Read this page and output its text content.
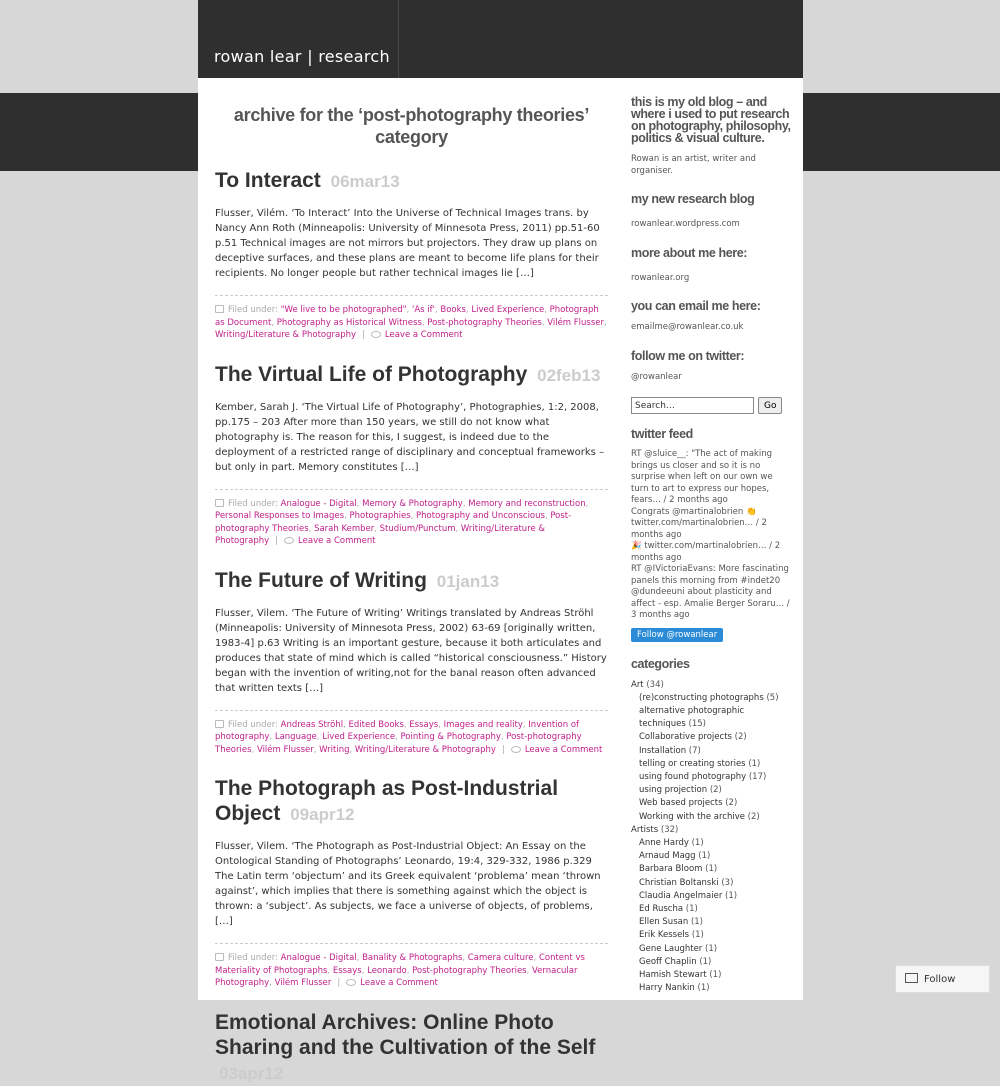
rowan lear | research
archive for the ‘post-photography theories’ category
To Interact 06mar13
Flusser, Vilém. ‘To Interact’ Into the Universe of Technical Images trans. by Nancy Ann Roth (Minneapolis: University of Minnesota Press, 2011) pp.51-60 p.51 Technical images are not mirrors but projectors. They draw up plans on deceptive surfaces, and these plans are meant to become life plans for their recipients. No longer people but rather technical images lie […]
Filed under: "We live to be photographed", 'As if', Books, Lived Experience, Photograph as Document, Photography as Historical Witness, Post-photography Theories, Vilém Flusser, Writing/Literature & Photography | Leave a Comment
The Virtual Life of Photography 02feb13
Kember, Sarah J. ‘The Virtual Life of Photography’, Photographies, 1:2, 2008, pp.175 – 203 After more than 150 years, we still do not know what photography is. The reason for this, I suggest, is indeed due to the deployment of a restricted range of disciplinary and conceptual frameworks – but only in part. Memory constitutes […]
Filed under: Analogue - Digital, Memory & Photography, Memory and reconstruction, Personal Responses to Images, Photographies, Photography and Unconscious, Post-photography Theories, Sarah Kember, Studium/Punctum, Writing/Literature & Photography | Leave a Comment
The Future of Writing 01jan13
Flusser, Vilem. ‘The Future of Writing’ Writings translated by Andreas Ströhl (Minneapolis: University of Minnesota Press, 2002) 63-69 [originally written, 1983-4] p.63 Writing is an important gesture, because it both articulates and produces that state of mind which is called “historical consciousness.” History began with the invention of writing,not for the banal reason often advanced that written texts […]
Filed under: Andreas Ströhl, Edited Books, Essays, Images and reality, Invention of photography, Language, Lived Experience, Pointing & Photography, Post-photography Theories, Vilém Flusser, Writing, Writing/Literature & Photography | Leave a Comment
The Photograph as Post-Industrial Object 09apr12
Flusser, Vilem. ‘The Photograph as Post-Industrial Object: An Essay on the Ontological Standing of Photographs’ Leonardo, 19:4, 329-332, 1986 p.329 The Latin term ‘objectum’ and its Greek equivalent ‘problema’ mean ‘thrown against’, which implies that there is something against which the object is thrown: a ‘subject’. As subjects, we face a universe of objects, of problems, […]
Filed under: Analogue - Digital, Banality & Photographs, Camera culture, Content vs Materiality of Photographs, Essays, Leonardo, Post-photography Theories, Vernacular Photography, Vilém Flusser | Leave a Comment
Emotional Archives: Online Photo Sharing and the Cultivation of the Self 03apr12
this is my old blog – and where i used to put research on photography, philosophy, politics & visual culture.
Rowan is an artist, writer and organiser.
my new research blog
rowanlear.wordpress.com
more about me here:
rowanlear.org
you can email me here:
emailme@rowanlear.co.uk
follow me on twitter:
@rowanlear
Search…
Go
twitter feed
RT @sluice__: "The act of making brings us closer and so it is no surprise when left on our own we turn to art to express our hopes, fears… / 2 months ago
Congrats @martinalobrien 👏 twitter.com/martinalobrien… / 2 months ago
🎉 twitter.com/martinalobrien… / 2 months ago
RT @IVictoriaEvans: More fascinating panels this morning from #indet20 @dundeeuni about plasticity and affect - esp. Amalie Berger Soraru… / 3 months ago
Follow @rowanlear
categories
Art (34)
(re)constructing photographs (5)
alternative photographic techniques (15)
Collaborative projects (2)
Installation (7)
telling or creating stories (1)
using found photography (17)
using projection (2)
Web based projects (2)
Working with the archive (2)
Artists (32)
Anne Hardy (1)
Arnaud Magg (1)
Barbara Bloom (1)
Christian Boltanski (3)
Claudia Angelmaier (1)
Ed Ruscha (1)
Ellen Susan (1)
Erik Kessels (1)
Gene Laughter (1)
Geoff Chaplin (1)
Hamish Stewart (1)
Harry Nankin (1)
Follow
